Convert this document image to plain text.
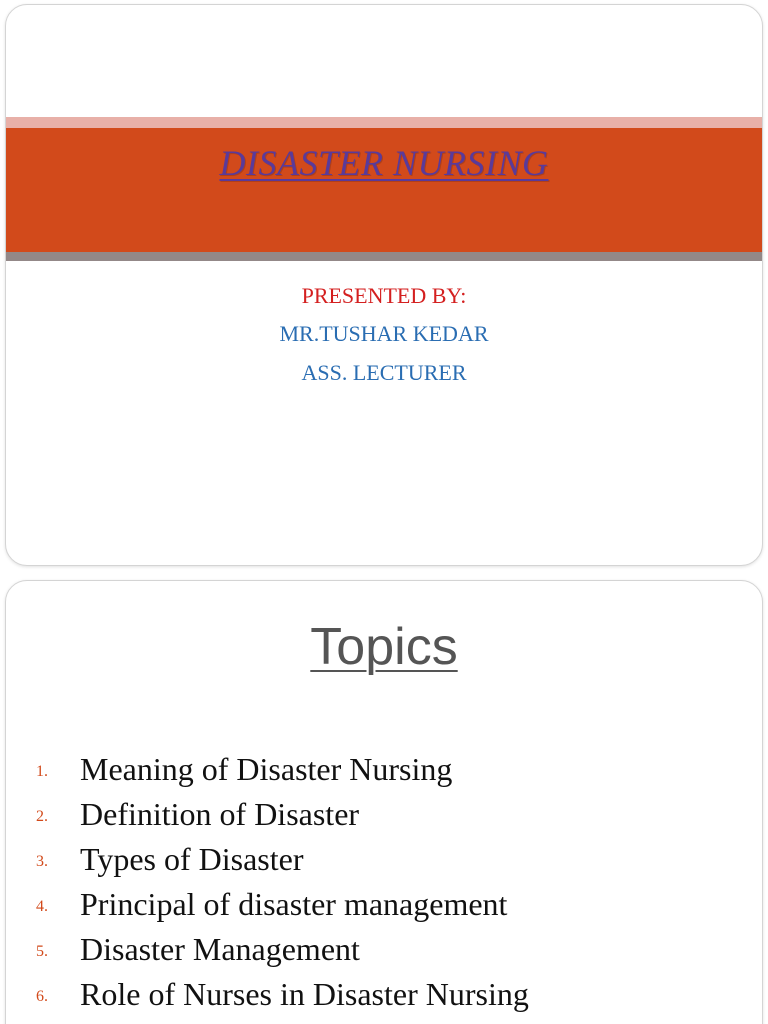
DISASTER NURSING
PRESENTED BY:
MR.TUSHAR KEDAR
ASS. LECTURER
Topics
1. Meaning of Disaster Nursing
2. Definition of Disaster
3. Types of Disaster
4. Principal of disaster management
5. Disaster Management
6. Role of Nurses in Disaster Nursing
